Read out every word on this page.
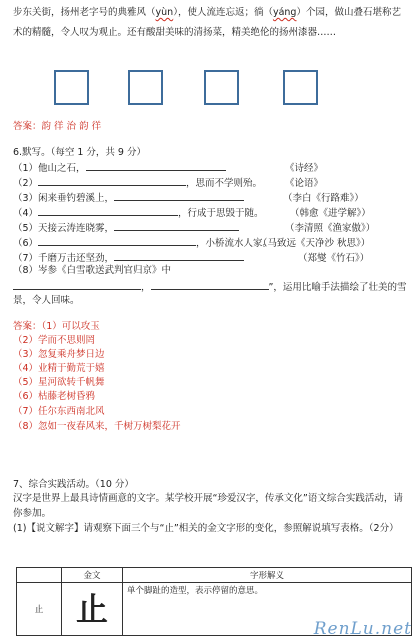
步东关街，扬州老字号的典雅风（yùn），使人流连忘返；徜（yáng）个园，做山叠石堪称艺
术的精髓，令人叹为观止。还有酸甜美味的清扬菜，精美绝伦的扬州漆器……
答案：韵 徉 治 韵 徉
6.默写。（每空 1 分，共 9 分）
（1）他山之石，	《诗经》
（2）	，思而不学则殆。 《论语》
（3）闲来垂钓碧溪上，	（李白《行路难》）
（4）	，行成于思毁于随。	（韩愈《进学解》）
（5）天接云涛连晓雾，	（李清照《渔家傲》）
（6）	，小桥流水人家。
（马致远《天净沙 秋思》）
（7）千磨万击还坚劲，	（郑燮《竹石》）
（8）岑参《白雪歌送武判官归京》中
，	”，运用比喻手法描绘了壮美的雪
景，令人回味。
答案：（1）可以攻玉
（2）学而不思则罔
（3）忽复乘舟梦日边
（4）业精于勤荒于嬉
（5）星河欲转千帆舞
（6）枯藤老树昏鸦
（7）任尔东西南北风
（8）忽如一夜春风来，千树万树梨花开
7、综合实践活动。（10 分）
汉字是世界上最具诗情画意的文字。某学校开展“珍爱汉字，传承文化”语文综合实践活动，请你参加。
(1)【说文解字】请观察下面三个与“止”相关的金文字形的变化，参照解说填写表格。（2分）
	金文	字形解义
止	止	单个脚趾的造型，表示停留的意思。
RenLu.net
